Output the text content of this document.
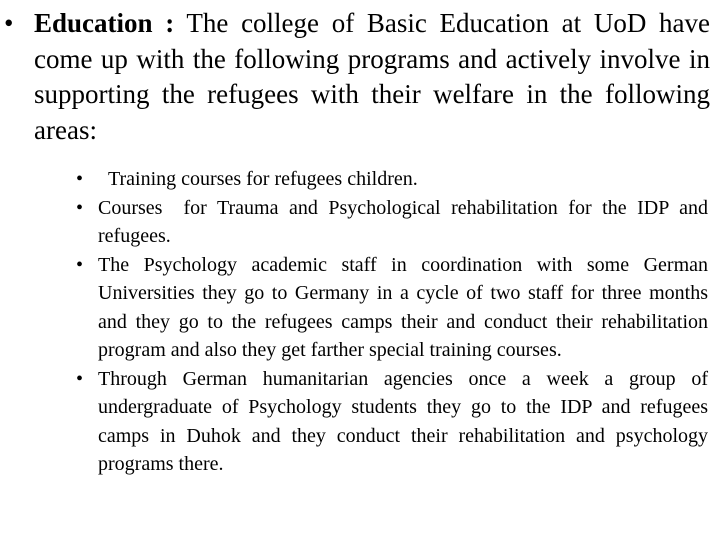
• Education : The college of Basic Education at UoD have come up with the following programs and actively involve in supporting the refugees with their welfare in the following areas:
• Training courses for refugees children.
• Courses  for Trauma and Psychological rehabilitation for the IDP and refugees.
• The Psychology academic staff in coordination with some German Universities they go to Germany in a cycle of two staff for three months and they go to the refugees camps their and conduct their rehabilitation program and also they get farther special training courses.
• Through German humanitarian agencies once a week a group of undergraduate of Psychology students they go to the IDP and refugees camps in Duhok and they conduct their rehabilitation and psychology programs there.
